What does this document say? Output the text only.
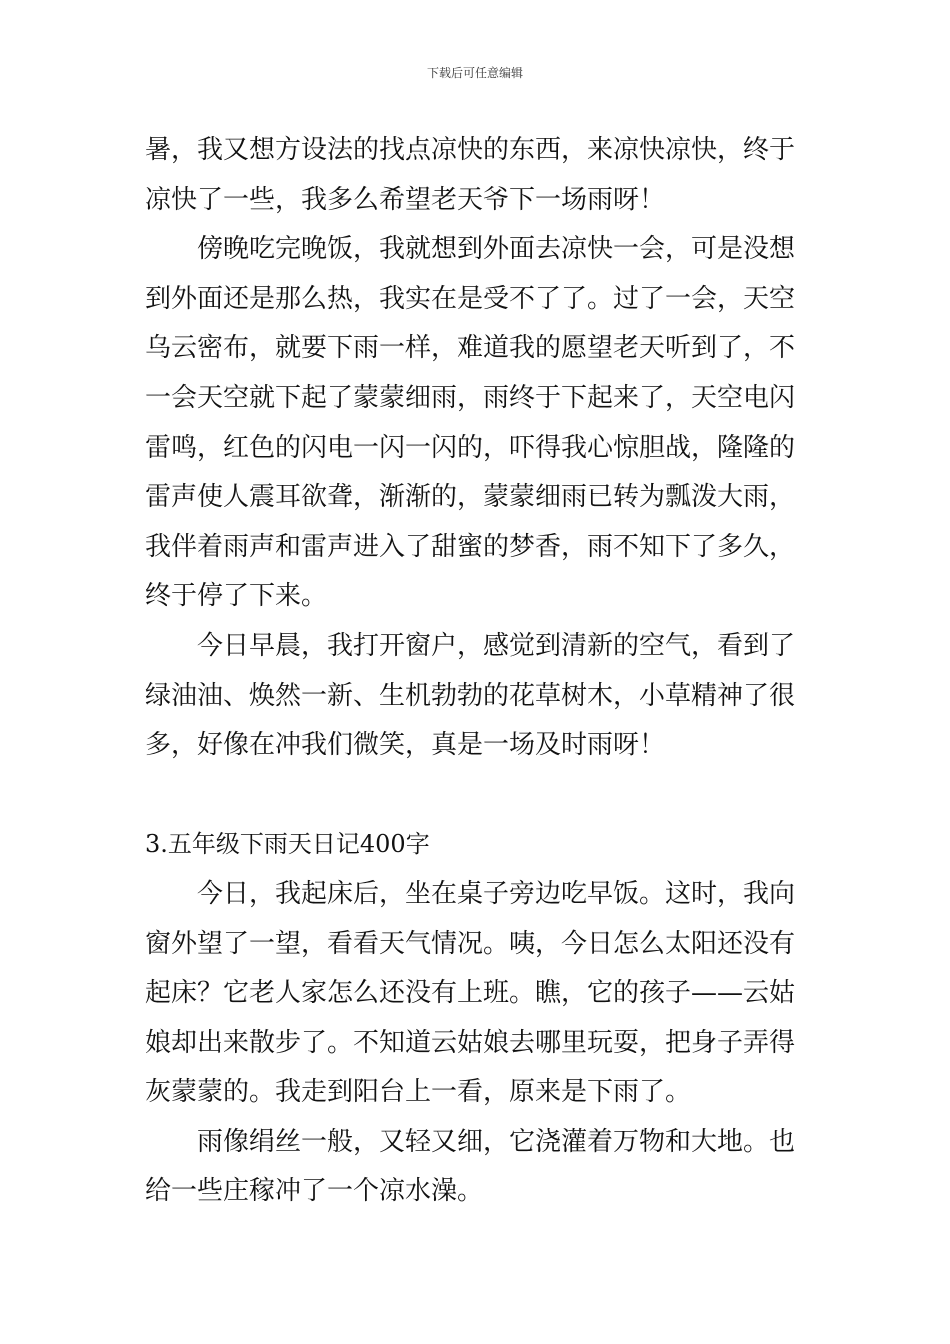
下载后可任意编辑
暑，我又想方设法的找点凉快的东西，来凉快凉快，终于
凉快了一些，我多么希望老天爷下一场雨呀！
傍晚吃完晚饭，我就想到外面去凉快一会，可是没想
到外面还是那么热，我实在是受不了了。过了一会，天空
乌云密布，就要下雨一样，难道我的愿望老天听到了，不
一会天空就下起了蒙蒙细雨，雨终于下起来了，天空电闪
雷鸣，红色的闪电一闪一闪的，吓得我心惊胆战，隆隆的
雷声使人震耳欲聋，渐渐的，蒙蒙细雨已转为瓢泼大雨，
我伴着雨声和雷声进入了甜蜜的梦香，雨不知下了多久，
终于停了下来。
今日早晨，我打开窗户，感觉到清新的空气，看到了
绿油油、焕然一新、生机勃勃的花草树木，小草精神了很
多，好像在冲我们微笑，真是一场及时雨呀！
3.五年级下雨天日记400字
今日，我起床后，坐在桌子旁边吃早饭。这时，我向
窗外望了一望，看看天气情况。咦，今日怎么太阳还没有
起床？它老人家怎么还没有上班。瞧，它的孩子——云姑
娘却出来散步了。不知道云姑娘去哪里玩耍，把身子弄得
灰蒙蒙的。我走到阳台上一看，原来是下雨了。
雨像绢丝一般，又轻又细，它浇灌着万物和大地。也
给一些庄稼冲了一个凉水澡。
